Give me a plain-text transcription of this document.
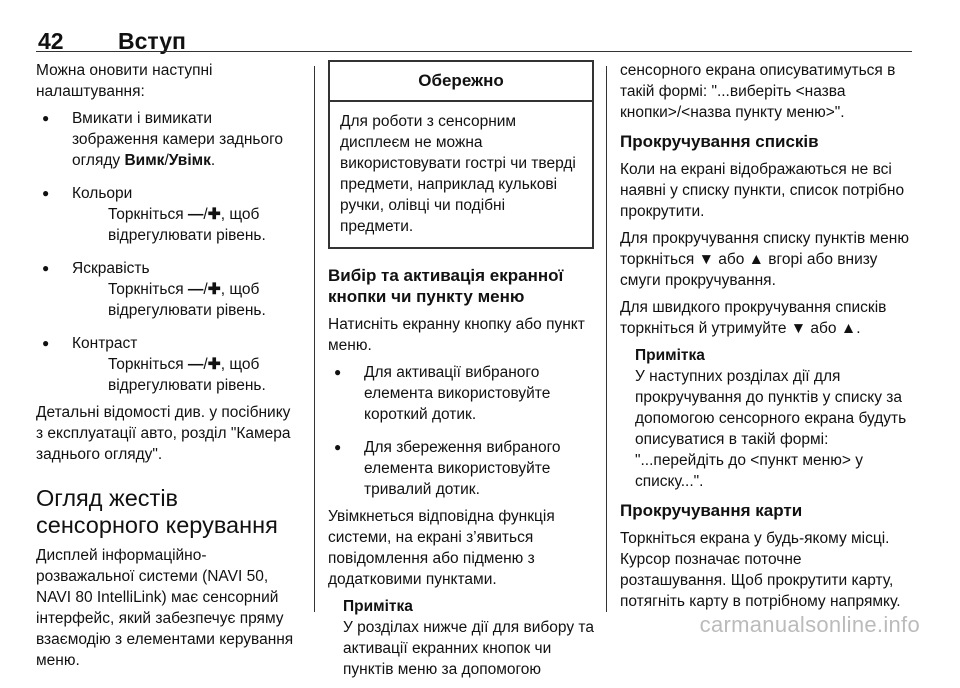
42 Вступ

Можна оновити наступні налаштування:

● Вмикати і вимикати зображення камери заднього огляду Вимк/Увімк.
● Кольори
Торкніться —/✚, щоб відрегулювати рівень.
● Яскравість
Торкніться —/✚, щоб відрегулювати рівень.
● Контраст
Торкніться —/✚, щоб відрегулювати рівень.

Детальні відомості див. у посібнику з експлуатації авто, розділ "Камера заднього огляду".

Огляд жестів сенсорного керування

Дисплей інформаційно-розважальної системи (NAVI 50, NAVI 80 IntelliLink) має сенсорний інтерфейс, який забезпечує пряму взаємодію з елементами керування меню.

Обережно
Для роботи з сенсорним дисплеєм не можна використовувати гострі чи тверді предмети, наприклад кулькові ручки, олівці чи подібні предмети.
Вибір та активація екранної кнопки чи пункту меню

Натисніть екранну кнопку або пункт меню.

● Для активації вибраного елемента використовуйте короткий дотик.
● Для збереження вибраного елемента використовуйте тривалий дотик.

Увімкнеться відповідна функція системи, на екрані з’явиться повідомлення або підменю з додатковими пунктами.

Примітка
У розділах нижче дії для вибору та активації екранних кнопок чи пунктів меню за допомогою

сенсорного екрана описуватимуться в такій формі: "...виберіть <назва кнопки>/<назва пункту меню>".

Прокручування списків

Коли на екрані відображаються не всі наявні у списку пункти, список потрібно прокрутити.

Для прокручування списку пунктів меню торкніться ▼ або ▲ вгорі або внизу смуги прокручування.

Для швидкого прокручування списків торкніться й утримуйте ▼ або ▲.

Примітка
У наступних розділах дії для прокручування до пунктів у списку за допомогою сенсорного екрана будуть описуватися в такій формі: "...перейдіть до <пункт меню> у списку...".
Прокручування карти

Торкніться екрана у будь-якому місці. Курсор позначає поточне розташування. Щоб прокрутити карту, потягніть карту в потрібному напрямку.

carmanualsonline.info
